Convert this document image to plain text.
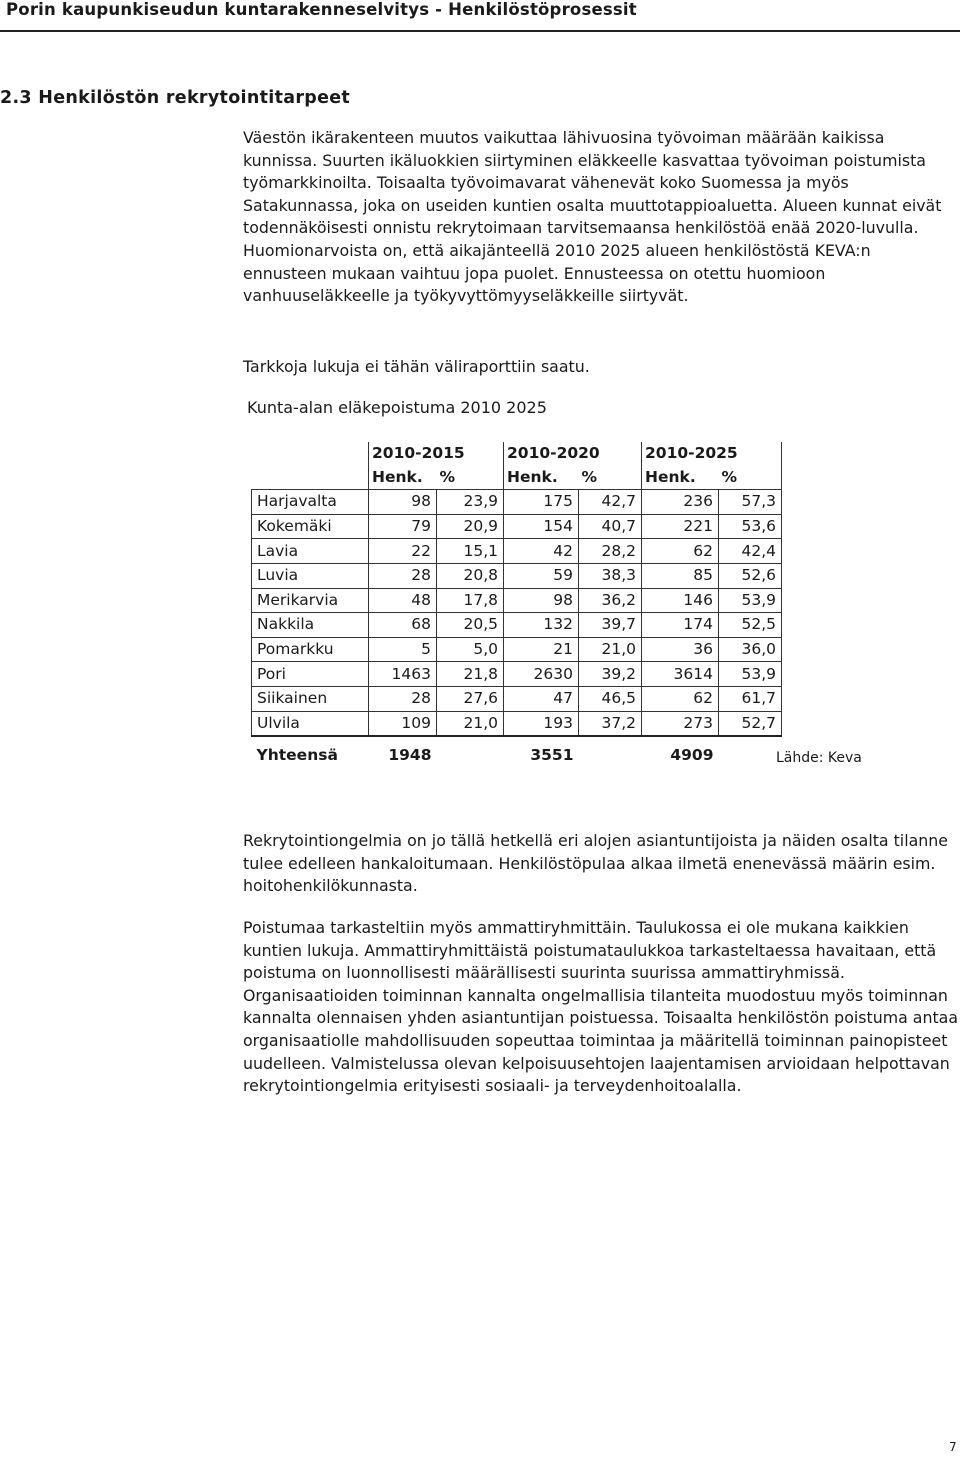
Porin kaupunkiseudun kuntarakenneselvitys - Henkilöstöprosessit
2.3 Henkilöstön rekrytointitarpeet

Väestön ikärakenteen muutos vaikuttaa lähivuosina työvoiman määrään kaikissa kunnissa. Suurten ikäluokkien siirtyminen eläkkeelle kasvattaa työvoiman poistumista työmarkkinoilta. Toisaalta työvoimavarat vähenevät koko Suomessa ja myös Satakunnassa, joka on useiden kuntien osalta muuttotappioaluetta. Alueen kunnat eivät todennäköisesti onnistu rekrytoimaan tarvitsemaansa henkilöstöä enää 2020-luvulla. Huomionarvoista on, että aikajänteellä 2010 2025 alueen henkilöstöstä KEVA:n ennusteen mukaan vaihtuu jopa puolet. Ennusteessa on otettu huomioon vanhuuseläkkeelle ja työkyvyttömyyseläkkeille siirtyvät.

Tarkkoja lukuja ei tähän väliraporttiin saatu.

Kunta-alan eläkepoistuma 2010 2025
	2010-2015		2010-2020		2010-2025	
	Henk.	%	Henk.	%	Henk.	%
Harjavalta	98	23,9	175	42,7	236	57,3
Kokemäki	79	20,9	154	40,7	221	53,6
Lavia	22	15,1	42	28,2	62	42,4
Luvia	28	20,8	59	38,3	85	52,6
Merikarvia	48	17,8	98	36,2	146	53,9
Nakkila	68	20,5	132	39,7	174	52,5
Pomarkku	5	5,0	21	21,0	36	36,0
Pori	1463	21,8	2630	39,2	3614	53,9
Siikainen	28	27,6	47	46,5	62	61,7
Ulvila	109	21,0	193	37,2	273	52,7
Yhteensä	1948		3551		4909		Lähde: Keva

Rekrytointiongelmia on jo tällä hetkellä eri alojen asiantuntijoista ja näiden osalta tilanne tulee edelleen hankaloitumaan. Henkilöstöpulaa alkaa ilmetä enenevässä määrin esim. hoitohenkilökunnasta.

Poistumaa tarkasteltiin myös ammattiryhmittäin. Taulukossa ei ole mukana kaikkien kuntien lukuja. Ammattiryhmittäistä poistumataulukkoa tarkasteltaessa havaitaan, että poistuma on luonnollisesti määrällisesti suurinta suurissa ammattiryhmissä. Organisaatioiden toiminnan kannalta ongelmallisia tilanteita muodostuu myös toiminnan kannalta olennaisen yhden asiantuntijan poistuessa. Toisaalta henkilöstön poistuma antaa organisaatiolle mahdollisuuden sopeuttaa toimintaa ja määritellä toiminnan painopisteet uudelleen. Valmistelussa olevan kelpoisuusehtojen laajentamisen arvioidaan helpottavan rekrytointiongelmia erityisesti sosiaali- ja terveydenhoitoalalla.

7
